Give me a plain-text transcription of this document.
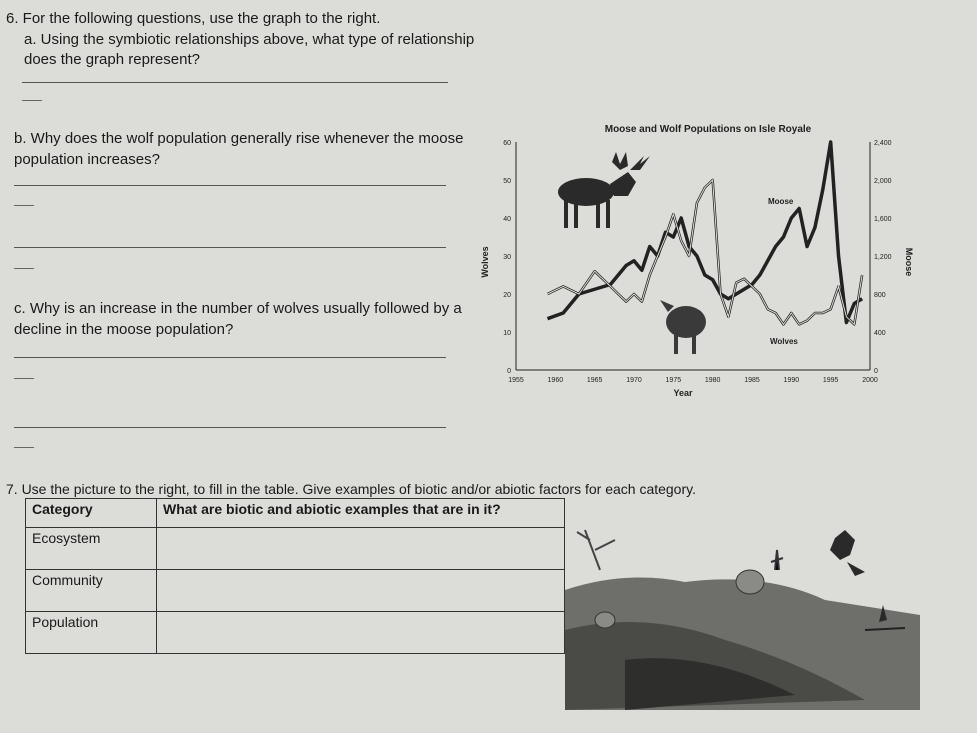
6. For the following questions, use the graph to the right.
a. Using the symbiotic relationships above, what type of relationship
does the graph represent?
b. Why does the wolf population generally rise whenever the moose
population increases?
c. Why is an increase in the number of wolves usually followed by a
decline in the moose population?
Moose and Wolf Populations on Isle Royale
Wolves	Moose
Year
Moose
Wolves
1955	1960	1965	1970	1975	1980	1985	1990	1995	2000
0
10
20
30
40
50
60
0
400
800
1,200
1,600
2,000
2,400
7. Use the picture to the right, to fill in the table. Give examples of biotic and/or abiotic factors for each category.
Category	What are biotic and abiotic examples that are in it?
Ecosystem	
Community	
Population	
